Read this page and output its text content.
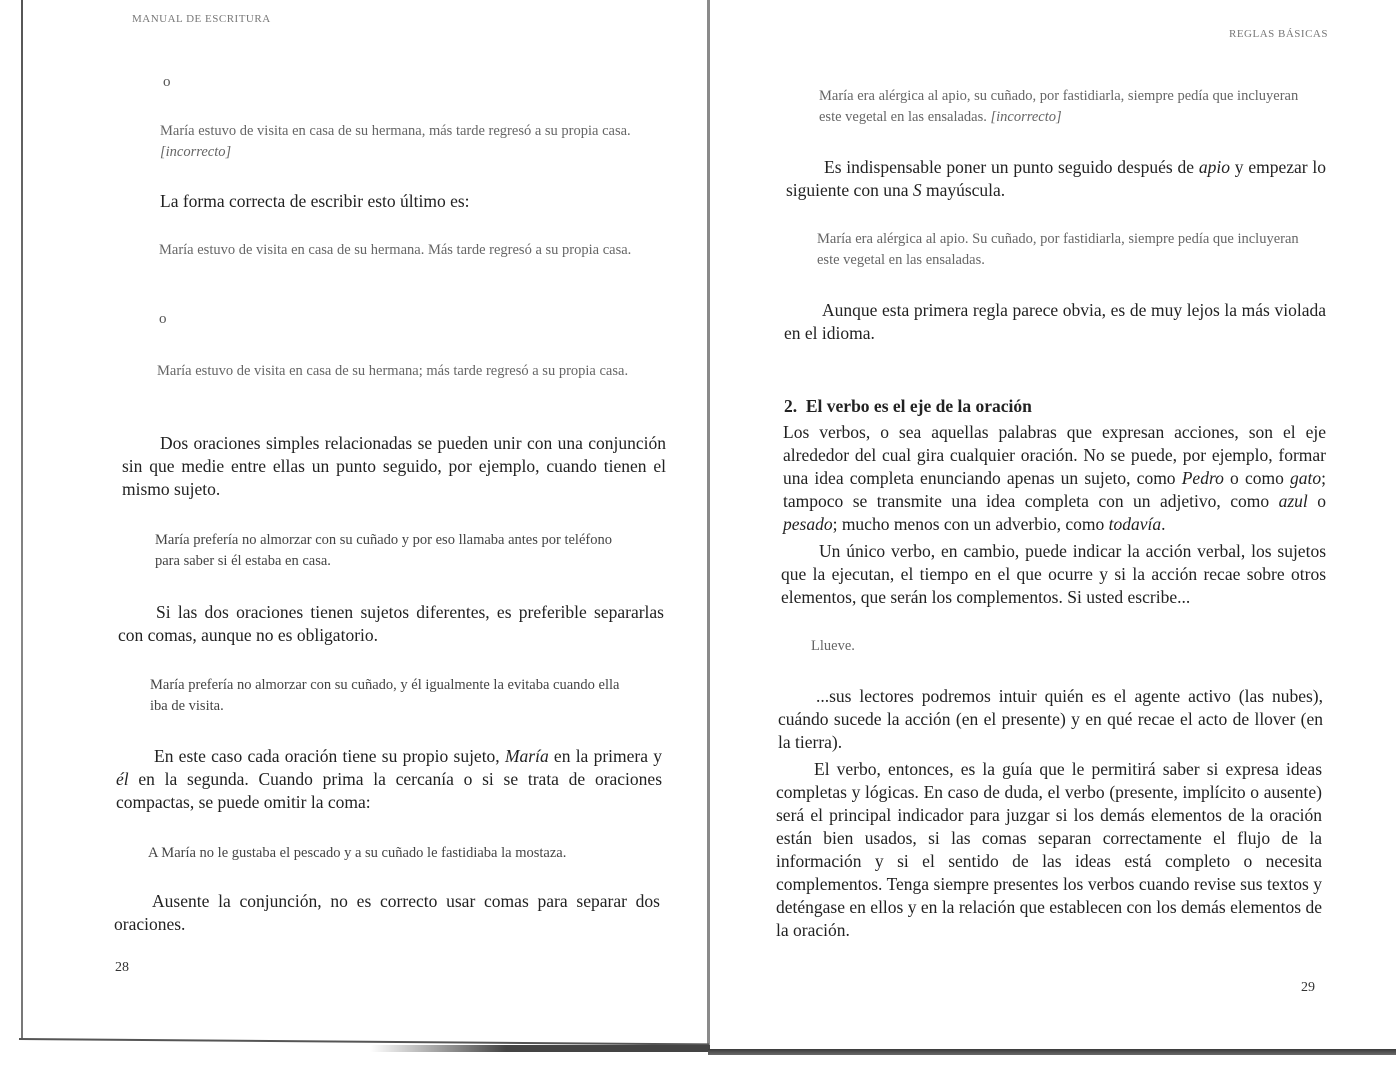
MANUAL DE ESCRITURA
o
María estuvo de visita en casa de su hermana, más tarde regresó a su propia casa. [incorrecto]
La forma correcta de escribir esto último es:
María estuvo de visita en casa de su hermana. Más tarde regresó a su propia casa.
o
María estuvo de visita en casa de su hermana; más tarde regresó a su propia casa.
Dos oraciones simples relacionadas se pueden unir con una conjunción sin que medie entre ellas un punto seguido, por ejemplo, cuando tienen el mismo sujeto.
María prefería no almorzar con su cuñado y por eso llamaba antes por teléfono para saber si él estaba en casa.
Si las dos oraciones tienen sujetos diferentes, es preferible separarlas con comas, aunque no es obligatorio.
María prefería no almorzar con su cuñado, y él igualmente la evitaba cuando ella iba de visita.
En este caso cada oración tiene su propio sujeto, María en la primera y él en la segunda. Cuando prima la cercanía o si se trata de oraciones compactas, se puede omitir la coma:
A María no le gustaba el pescado y a su cuñado le fastidiaba la mostaza.
Ausente la conjunción, no es correcto usar comas para separar dos oraciones.
28
REGLAS BÁSICAS
María era alérgica al apio, su cuñado, por fastidiarla, siempre pedía que incluyeran este vegetal en las ensaladas. [incorrecto]
Es indispensable poner un punto seguido después de apio y empezar lo siguiente con una S mayúscula.
María era alérgica al apio. Su cuñado, por fastidiarla, siempre pedía que incluyeran este vegetal en las ensaladas.
Aunque esta primera regla parece obvia, es de muy lejos la más violada en el idioma.
2. El verbo es el eje de la oración
Los verbos, o sea aquellas palabras que expresan acciones, son el eje alrededor del cual gira cualquier oración. No se puede, por ejemplo, formar una idea completa enunciando apenas un sujeto, como Pedro o como gato; tampoco se transmite una idea completa con un adjetivo, como azul o pesado; mucho menos con un adverbio, como todavía.
Un único verbo, en cambio, puede indicar la acción verbal, los sujetos que la ejecutan, el tiempo en el que ocurre y si la acción recae sobre otros elementos, que serán los complementos. Si usted escribe...
Llueve.
...sus lectores podremos intuir quién es el agente activo (las nubes), cuándo sucede la acción (en el presente) y en qué recae el acto de llover (en la tierra).
El verbo, entonces, es la guía que le permitirá saber si expresa ideas completas y lógicas. En caso de duda, el verbo (presente, implícito o ausente) será el principal indicador para juzgar si los demás elementos de la oración están bien usados, si las comas separan correctamente el flujo de la información y si el sentido de las ideas está completo o necesita complementos. Tenga siempre presentes los verbos cuando revise sus textos y deténgase en ellos y en la relación que establecen con los demás elementos de la oración.
29
